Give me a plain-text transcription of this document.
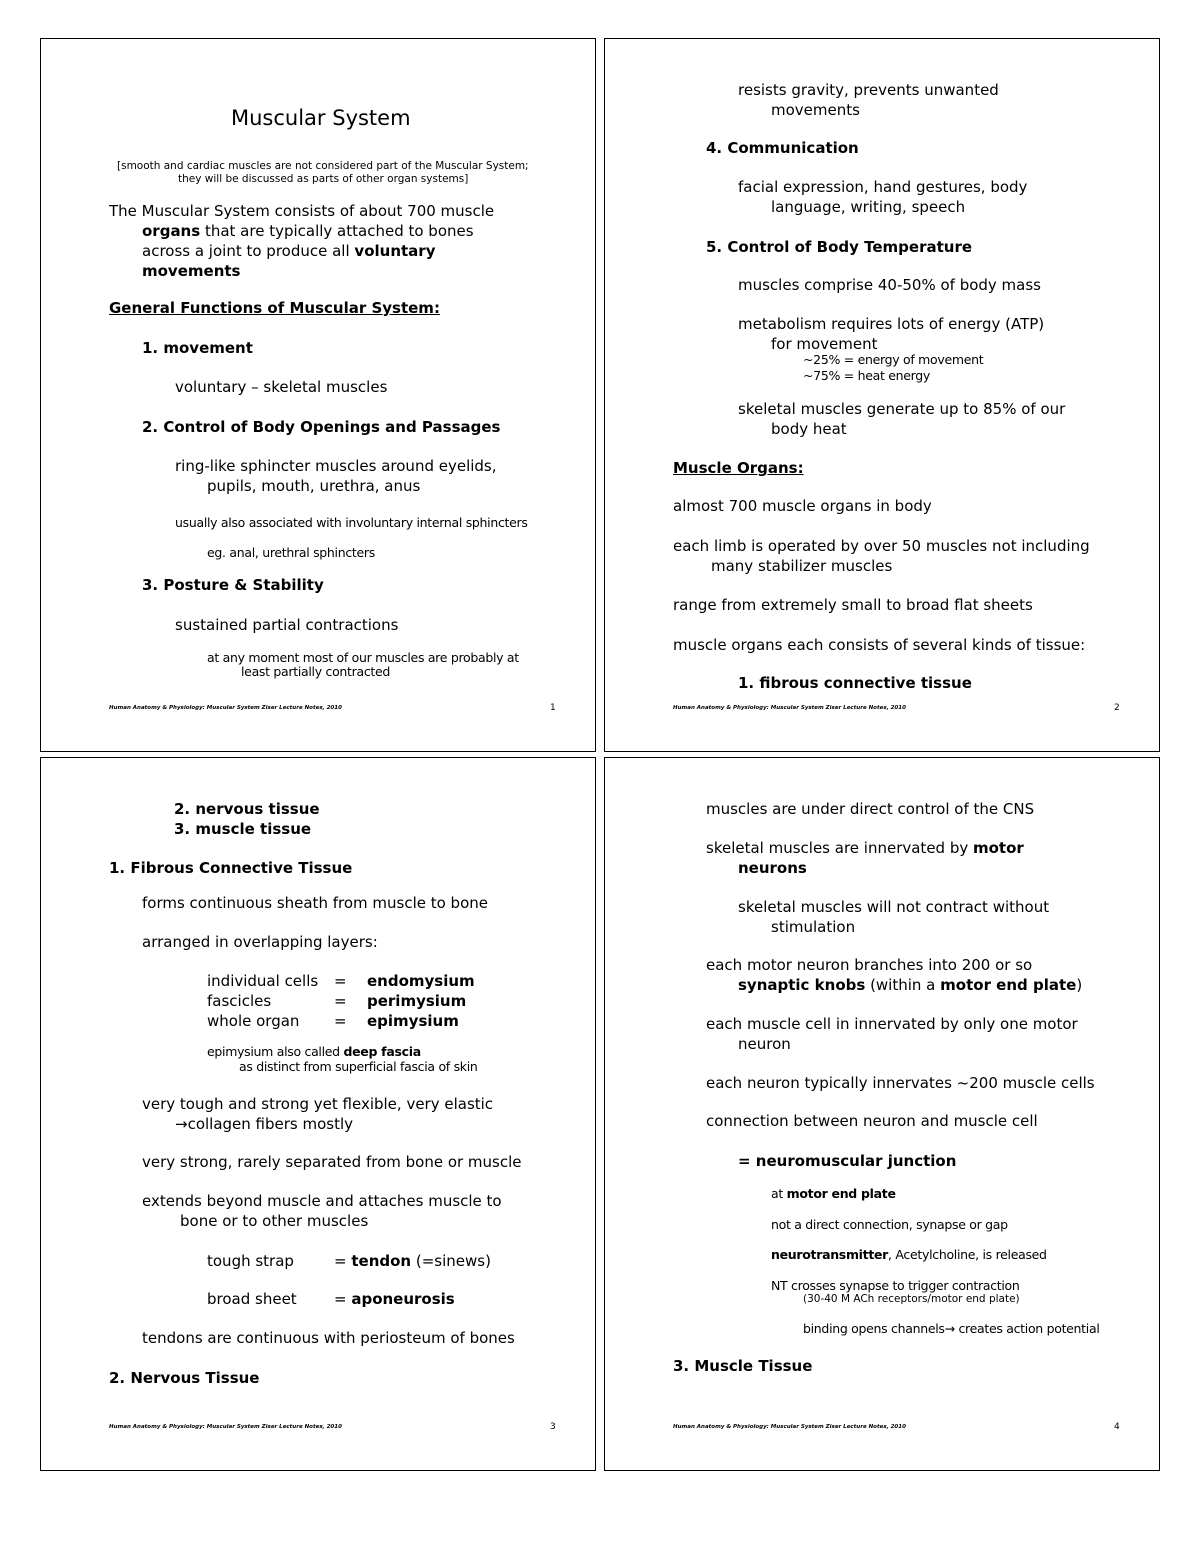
Muscular System
[smooth and cardiac muscles are not considered part of the Muscular System;
they will be discussed as parts of other organ systems]
The Muscular System consists of about 700 muscle
organs that are typically attached to bones
across a joint to produce all voluntary
movements
General Functions of Muscular System:
1. movement
voluntary – skeletal muscles
2. Control of Body Openings and Passages
ring-like sphincter muscles around eyelids,
pupils, mouth, urethra, anus
usually also associated with involuntary internal sphincters
eg. anal, urethral sphincters
3. Posture & Stability
sustained partial contractions
at any moment most of our muscles are probably at
least partially contracted
Human Anatomy & Physiology: Muscular System Ziser Lecture Notes, 2010	1
resists gravity, prevents unwanted
movements
4. Communication
facial expression, hand gestures, body
language, writing, speech
5. Control of Body Temperature
muscles comprise 40-50% of body mass
metabolism requires lots of energy (ATP)
for movement
~25% = energy of movement
~75% = heat energy
skeletal muscles generate up to 85% of our
body heat
Muscle Organs:
almost 700 muscle organs in body
each limb is operated by over 50 muscles not including
many stabilizer muscles
range from extremely small to broad flat sheets
muscle organs each consists of several kinds of tissue:
1. fibrous connective tissue
Human Anatomy & Physiology: Muscular System Ziser Lecture Notes, 2010	2
2. nervous tissue
3. muscle tissue
1. Fibrous Connective Tissue
forms continuous sheath from muscle to bone
arranged in overlapping layers:
individual cells = endomysium
fascicles	= perimysium
whole organ = epimysium
epimysium also called deep fascia
as distinct from superficial fascia of skin
very tough and strong yet flexible, very elastic
→collagen fibers mostly
very strong, rarely separated from bone or muscle
extends beyond muscle and attaches muscle to
bone or to other muscles
tough strap	= tendon (=sinews)
broad sheet = aponeurosis
tendons are continuous with periosteum of bones
2. Nervous Tissue
Human Anatomy & Physiology: Muscular System Ziser Lecture Notes, 2010	3
muscles are under direct control of the CNS
skeletal muscles are innervated by motor
neurons
skeletal muscles will not contract without
stimulation
each motor neuron branches into 200 or so
synaptic knobs (within a motor end plate)
each muscle cell in innervated by only one motor
neuron
each neuron typically innervates ~200 muscle cells
connection between neuron and muscle cell
= neuromuscular junction
at motor end plate
not a direct connection, synapse or gap
neurotransmitter, Acetylcholine, is released
NT crosses synapse to trigger contraction
(30-40 M ACh receptors/motor end plate)
binding opens channels→ creates action potential
3. Muscle Tissue
Human Anatomy & Physiology: Muscular System Ziser Lecture Notes, 2010	4
